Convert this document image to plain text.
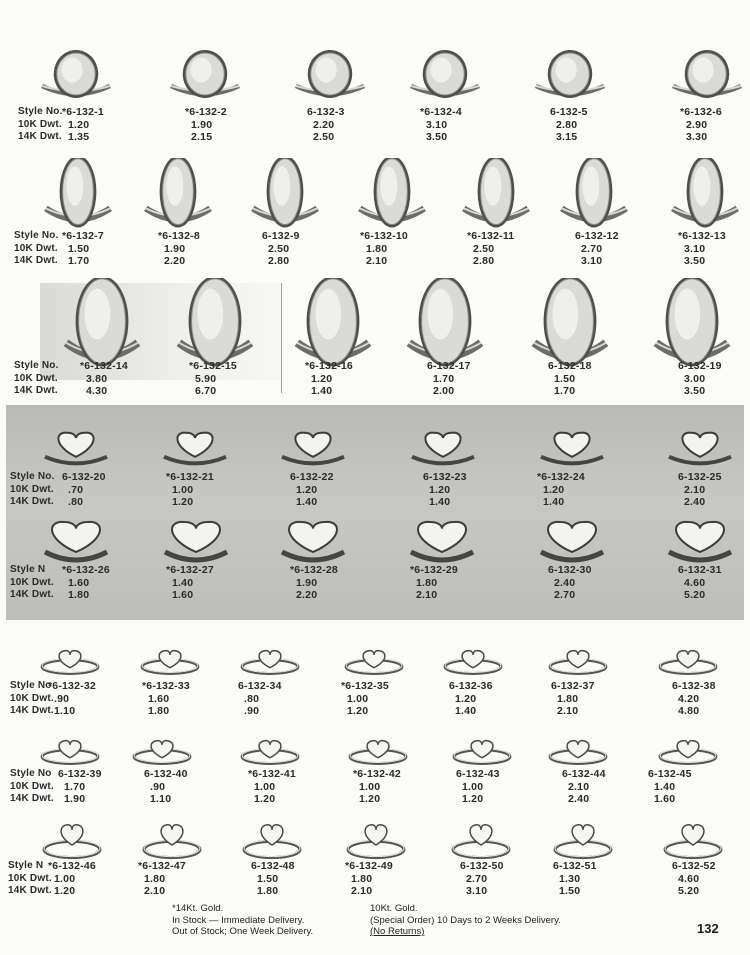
Style No.
10K Dwt.
14K Dwt.
*6-132-1
1.20
1.35
*6-132-2
1.90
2.15
6-132-3
2.20
2.50
*6-132-4
3.10
3.50
6-132-5
2.80
3.15
*6-132-6
2.90
3.30
Style No.
10K Dwt.
14K Dwt.
*6-132-7
1.50
1.70
*6-132-8
1.90
2.20
6-132-9
2.50
2.80
*6-132-10
1.80
2.10
*6-132-11
2.50
2.80
6-132-12
2.70
3.10
*6-132-13
3.10
3.50
Style No.
10K Dwt.
14K Dwt.
*6-132-14
3.80
4.30
*6-132-15
5.90
6.70
*6-132-16
1.20
1.40
6-132-17
1.70
2.00
6-132-18
1.50
1.70
6-132-19
3.00
3.50
Style No.
10K Dwt.
14K Dwt.
6-132-20
.70
.80
*6-132-21
1.00
1.20
6-132-22
1.20
1.40
6-132-23
1.20
1.40
*6-132-24
1.20
1.40
6-132-25
2.10
2.40
Style N
10K Dwt.
14K Dwt.
*6-132-26
1.60
1.80
*6-132-27
1.40
1.60
*6-132-28
1.90
2.20
*6-132-29
1.80
2.10
6-132-30
2.40
2.70
6-132-31
4.60
5.20
Style No
10K Dwt.
14K Dwt.
*6-132-32
.90
1.10
*6-132-33
1.60
1.80
6-132-34
.80
.90
*6-132-35
1.00
1.20
6-132-36
1.20
1.40
6-132-37
1.80
2.10
6-132-38
4.20
4.80
Style No
10K Dwt.
14K Dwt.
6-132-39
1.70
1.90
6-132-40
.90
1.10
*6-132-41
1.00
1.20
*6-132-42
1.00
1.20
6-132-43
1.00
1.20
6-132-44
2.10
2.40
6-132-45
1.40
1.60
Style N
10K Dwt.
14K Dwt.
*6-132-46
1.00
1.20
*6-132-47
1.80
2.10
6-132-48
1.50
1.80
*6-132-49
1.80
2.10
6-132-50
2.70
3.10
6-132-51
1.30
1.50
6-132-52
4.60
5.20
*14Kt. Gold.
In Stock — Immediate Delivery.
Out of Stock; One Week Delivery.
10Kt. Gold.
(Special Order) 10 Days to 2 Weeks Delivery.
(No Returns)	132
